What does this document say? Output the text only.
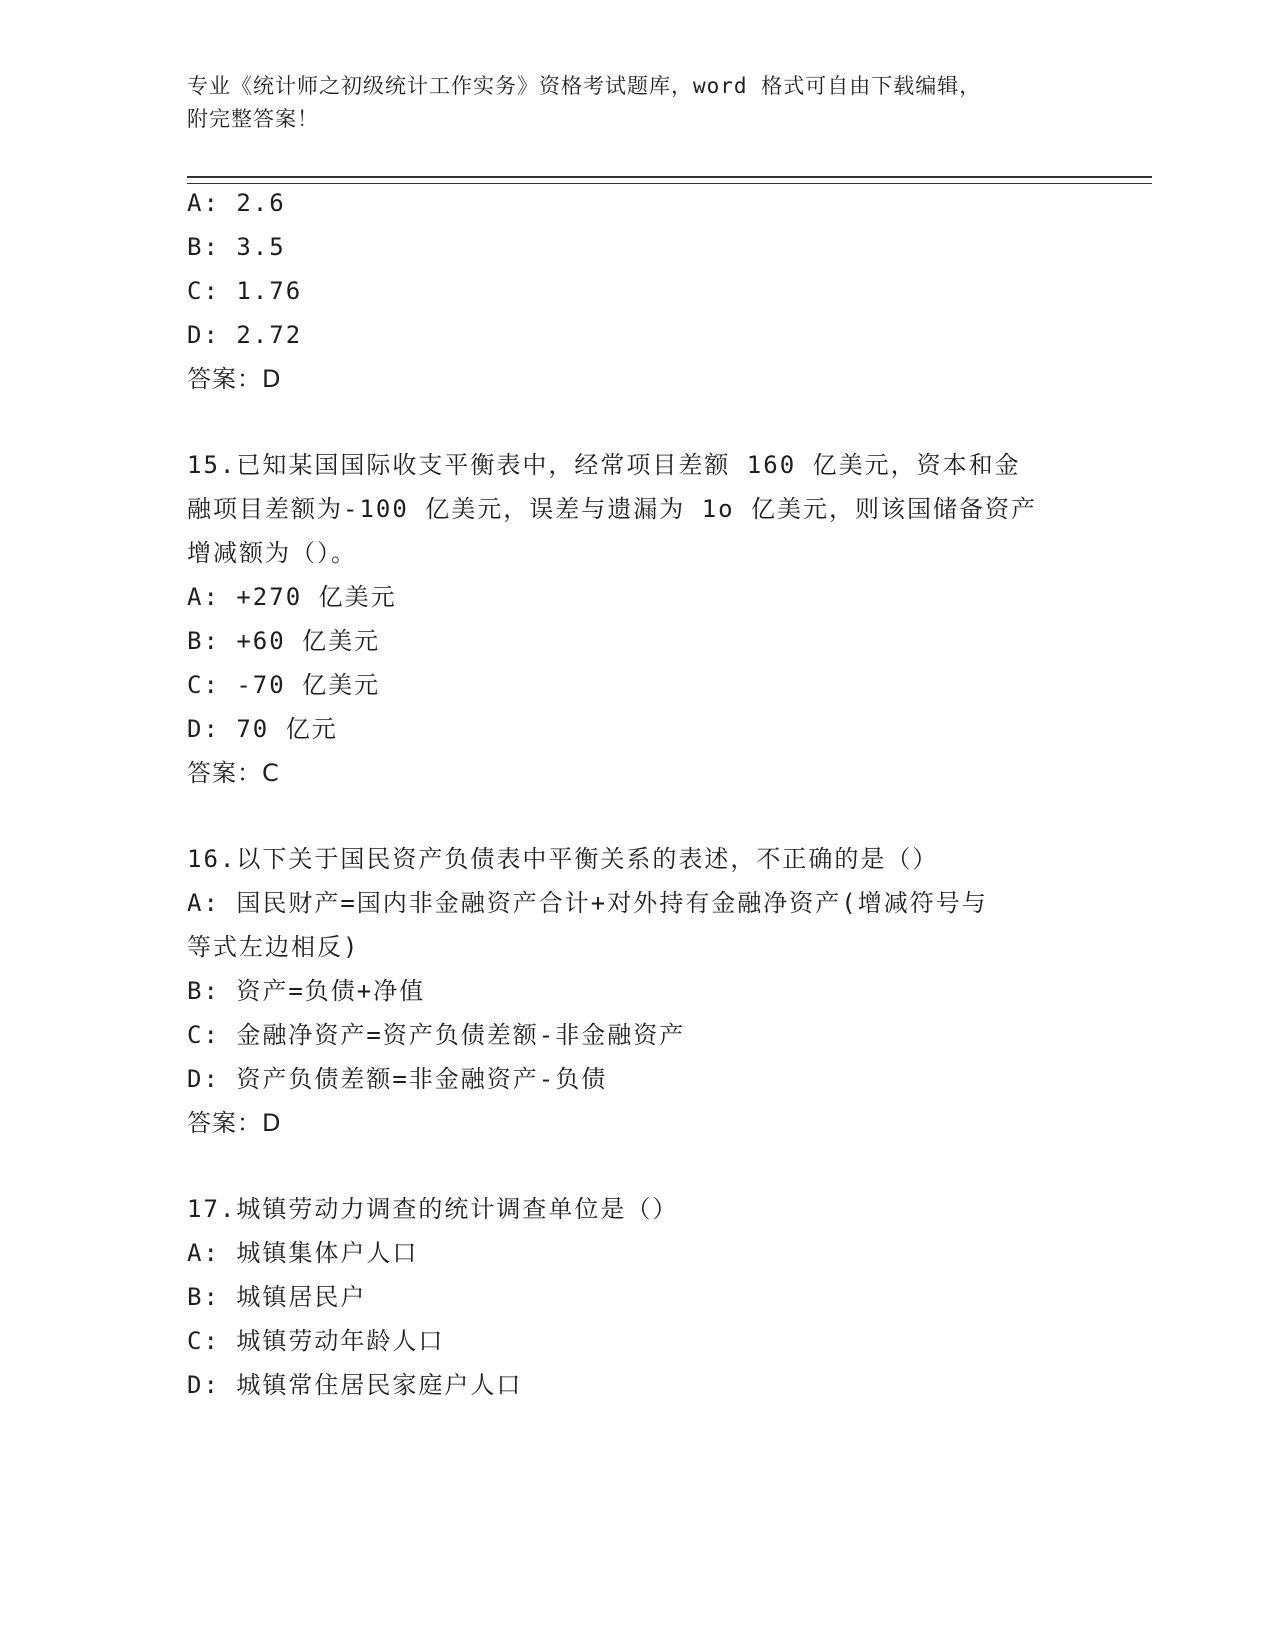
专业《统计师之初级统计工作实务》资格考试题库，word 格式可自由下载编辑，
附完整答案！
A: 2.6
B: 3.5
C: 1.76
D: 2.72
答案：D
15.已知某国国际收支平衡表中，经常项目差额 160 亿美元，资本和金
融项目差额为-100 亿美元，误差与遗漏为 1o 亿美元，则该国储备资产
增减额为（）。
A: +270 亿美元
B: +60 亿美元
C: -70 亿美元
D: 70 亿元
答案：C
16.以下关于国民资产负债表中平衡关系的表述，不正确的是（）
A: 国民财产=国内非金融资产合计+对外持有金融净资产(增减符号与
等式左边相反)
B: 资产=负债+净值
C: 金融净资产=资产负债差额-非金融资产
D: 资产负债差额=非金融资产-负债
答案：D
17.城镇劳动力调查的统计调查单位是（）
A: 城镇集体户人口
B: 城镇居民户
C: 城镇劳动年龄人口
D: 城镇常住居民家庭户人口
